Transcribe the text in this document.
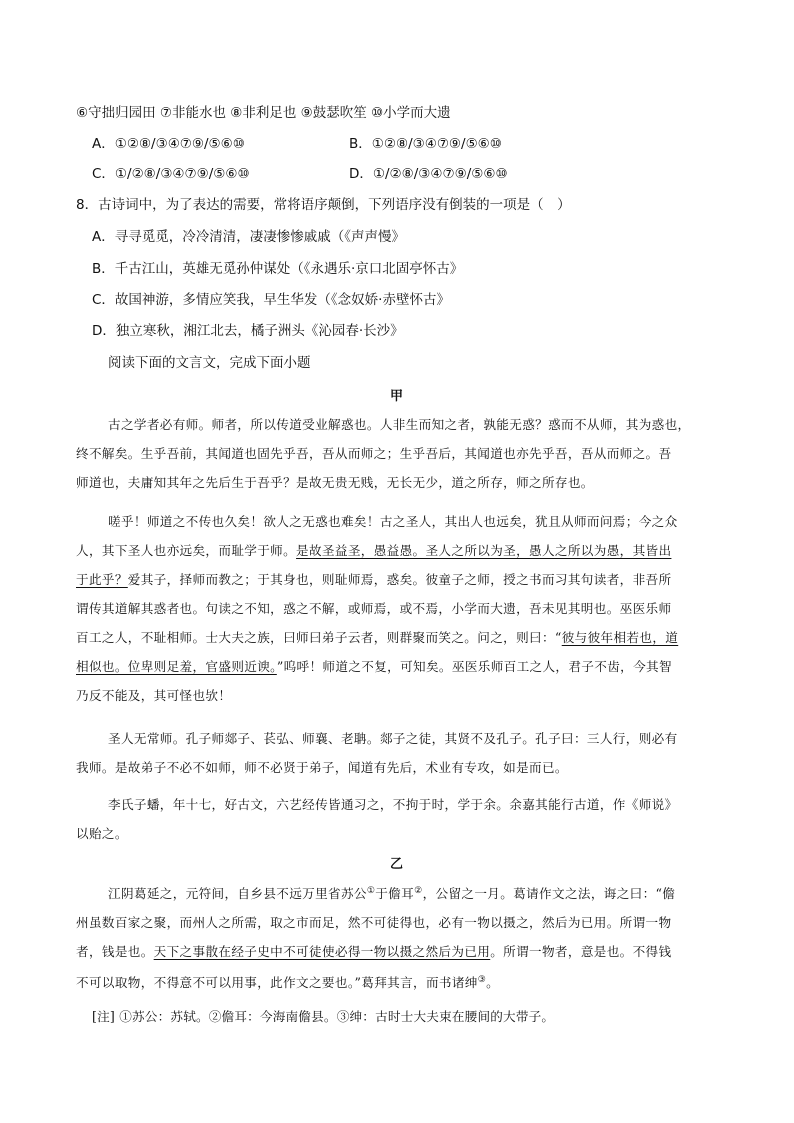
⑥守拙归园田 ⑦非能水也 ⑧非利足也 ⑨鼓瑟吹笙 ⑩小学而大遗
A．①②⑧/③④⑦⑨/⑤⑥⑩	B．①②⑧/③④⑦⑨/⑤⑥⑩
C．①/②⑧/③④⑦⑨/⑤⑥⑩	D．①/②⑧/③④⑦⑨/⑤⑥⑩
8．古诗词中，为了表达的需要，常将语序颠倒，下列语序没有倒装的一项是（　）
A．寻寻觅觅，冷冷清清，凄凄惨惨戚戚（《声声慢》
B．千古江山，英雄无觅孙仲谋处（《永遇乐·京口北固亭怀古》
C．故国神游，多情应笑我，早生华发（《念奴娇·赤壁怀古》
D．独立寒秋，湘江北去，橘子洲头《沁园春·长沙》
阅读下面的文言文，完成下面小题
甲
古之学者必有师。师者，所以传道受业解惑也。人非生而知之者，孰能无惑？惑而不从师，其为惑也，
终不解矣。生乎吾前，其闻道也固先乎吾，吾从而师之；生乎吾后，其闻道也亦先乎吾，吾从而师之。吾
师道也，夫庸知其年之先后生于吾乎？是故无贵无贱，无长无少，道之所存，师之所存也。
嗟乎！师道之不传也久矣！欲人之无惑也难矣！古之圣人，其出人也远矣，犹且从师而问焉；今之众
人，其下圣人也亦远矣，而耻学于师。是故圣益圣，愚益愚。圣人之所以为圣，愚人之所以为愚，其皆出
于此乎？爱其子，择师而教之；于其身也，则耻师焉，惑矣。彼童子之师，授之书而习其句读者，非吾所
谓传其道解其惑者也。句读之不知，惑之不解，或师焉，或不焉，小学而大遗，吾未见其明也。巫医乐师
百工之人，不耻相师。士大夫之族，曰师曰弟子云者，则群聚而笑之。问之，则曰：“彼与彼年相若也，道
相似也。位卑则足羞，官盛则近谀。”呜呼！师道之不复，可知矣。巫医乐师百工之人，君子不齿，今其智
乃反不能及，其可怪也欤！
圣人无常师。孔子师郯子、苌弘、师襄、老聃。郯子之徒，其贤不及孔子。孔子曰：三人行，则必有
我师。是故弟子不必不如师，师不必贤于弟子，闻道有先后，术业有专攻，如是而已。
李氏子蟠，年十七，好古文，六艺经传皆通习之，不拘于时，学于余。余嘉其能行古道，作《师说》
以贻之。
乙
江阴葛延之，元符间，自乡县不远万里省苏公①于儋耳②，公留之一月。葛请作文之法，诲之曰：“儋
州虽数百家之聚，而州人之所需，取之市而足，然不可徒得也，必有一物以摄之，然后为已用。所谓一物
者，钱是也。天下之事散在经子史中不可徒使必得一物以摄之然后为已用。所谓一物者，意是也。不得钱
不可以取物，不得意不可以用事，此作文之要也。”葛拜其言，而书诸绅③。
[注] ①苏公：苏轼。②儋耳：今海南儋县。③绅：古时士大夫束在腰间的大带子。
